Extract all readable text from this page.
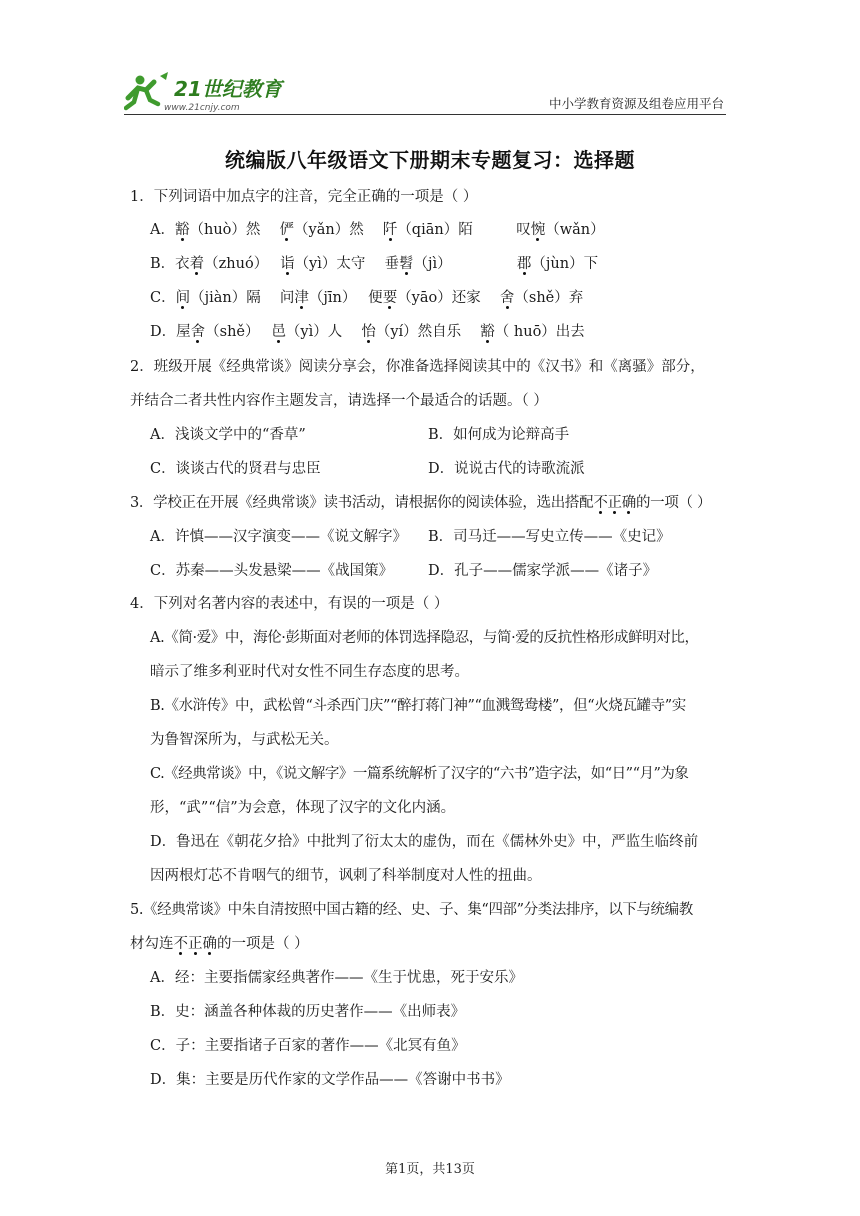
21世纪教育
www.21cnjy.com	中小学教育资源及组卷应用平台
统编版八年级语文下册期末专题复习：选择题
1．下列词语中加点字的注音，完全正确的一项是（ ）
A．豁（huò）然　 俨（yǎn）然　 阡（qiān）陌　　　叹惋（wǎn）
B．衣着（zhuó）　 诣（yì）太守　 垂髫（jì）　　　　　郡（jùn）下
C．间（jiàn）隔　 问津（jīn）　 便要（yāo）还家　 舍（shě）弃
D．屋舍（shě）　 邑（yì）人　 怡（yí）然自乐　 豁（ huō）出去
2．班级开展《经典常谈》阅读分享会，你准备选择阅读其中的《汉书》和《离骚》部分，
并结合二者共性内容作主题发言，请选择一个最适合的话题。（ ）
A．浅谈文学中的“香草”	B．如何成为论辩高手
C．谈谈古代的贤君与忠臣	D．说说古代的诗歌流派
3．学校正在开展《经典常谈》读书活动，请根据你的阅读体验，选出搭配不正确的一项（ ）
A．许慎——汉字演变——《说文解字》 B．司马迁——写史立传——《史记》
C．苏秦——头发悬梁——《战国策》 D．孔子——儒家学派——《诸子》
4．下列对名著内容的表述中，有误的一项是（ ）
A.《简·爱》中，海伦·彭斯面对老师的体罚选择隐忍，与简·爱的反抗性格形成鲜明对比，
暗示了维多利亚时代对女性不同生存态度的思考。
B.《水浒传》中，武松曾“斗杀西门庆”“醉打蒋门神”“血溅鸳鸯楼”，但“火烧瓦罐寺”实
为鲁智深所为，与武松无关。
C.《经典常谈》中，《说文解字》一篇系统解析了汉字的“六书”造字法，如“日”“月”为象
形，“武”“信”为会意，体现了汉字的文化内涵。
D．鲁迅在《朝花夕拾》中批判了衍太太的虚伪，而在《儒林外史》中，严监生临终前
因两根灯芯不肯咽气的细节，讽刺了科举制度对人性的扭曲。
5.《经典常谈》中朱自清按照中国古籍的经、史、子、集“四部”分类法排序，以下与统编教
材勾连不正确的一项是（ ）
A．经：主要指儒家经典著作——《生于忧患，死于安乐》
B．史：涵盖各种体裁的历史著作——《出师表》
C．子：主要指诸子百家的著作——《北冥有鱼》
D．集：主要是历代作家的文学作品——《答谢中书书》
第1页，共13页
